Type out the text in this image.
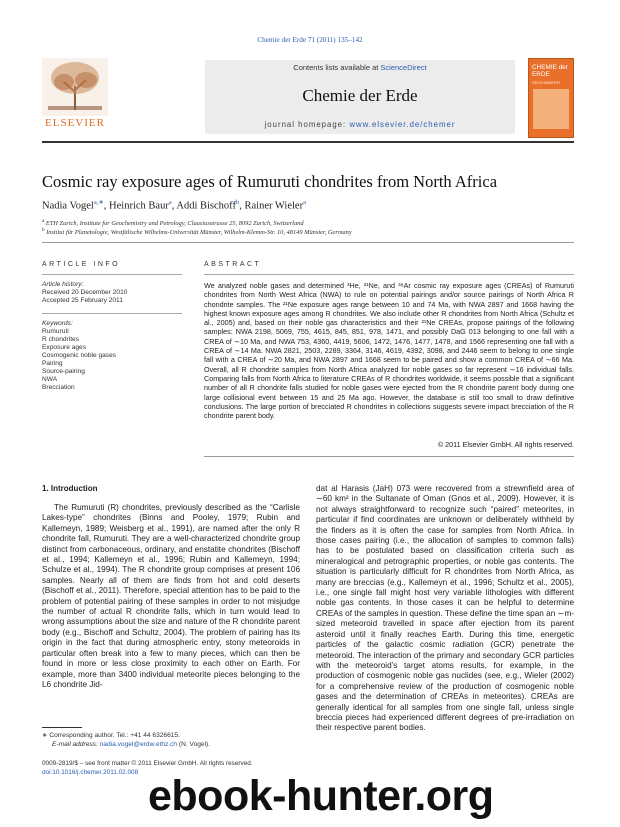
Chemie der Erde 71 (2011) 135–142
ELSEVIER
Contents lists available at ScienceDirect
Chemie der Erde
journal homepage: www.elsevier.de/chemer
CHEMIE der ERDE
GEOCHEMISTRY
Cosmic ray exposure ages of Rumuruti chondrites from North Africa
Nadia Vogel$^{a,∗}$, Heinrich Baur$^a$, Addi Bischoff$^b$, Rainer Wieler$^a$
$^a$ ETH Zurich, Institute for Geochemistry and Petrology, Clausiusstrasse 25, 8092 Zurich, Switzerland
$^b$ Institut für Planetologie, Westfälische Wilhelms-Universität Münster, Wilhelm-Klemm-Str. 10, 48149 Münster, Germany
ARTICLE INFO
Article history:
Received 20 December 2010
Accepted 25 February 2011
Keywords:
Rumuruti
R chondrites
Exposure ages
Cosmogenic noble gases
Pairing
Source-pairing
NWA
Brecciation
ABSTRACT
We analyzed noble gases and determined ³He, ²¹Ne, and ³⁸Ar cosmic ray exposure ages (CREAs) of Rumuruti chondrites from North West Africa (NWA) to rule on potential pairings and/or source pairings of North Africa R chondrite samples. The ²¹Ne exposure ages range between 10 and 74 Ma, with NWA 2897 and 1668 having the highest known exposure ages among R chondrites. We also include other R chondrites from North Africa (Schultz et al., 2005) and, based on their noble gas characteristics and their ²¹Ne CREAs, propose pairings of the following samples: NWA 2198, 5069, 755, 4615, 845, 851, 978, 1471, and possibly DaG 013 belonging to one fall with a CREA of ∼10 Ma, and NWA 753, 4360, 4419, 5606, 1472, 1476, 1477, 1478, and 1566 representing one fall with a CREA of ∼14 Ma. NWA 2821, 2503, 2289, 3364, 3146, 4619, 4392, 3098, and 2446 seem to belong to one single fall with a CREA of ∼20 Ma, and NWA 2897 and 1668 seem to be paired and show a common CREA of ∼66 Ma. Overall, all R chondrite samples from North Africa analyzed for noble gases so far represent ∼16 individual falls. Comparing falls from North Africa to literature CREAs of R chondrites worldwide, it seems possible that a significant number of all R chondrite falls studied for noble gases were ejected from the R chondrite parent body during one large collisional event between 15 and 25 Ma ago. However, the database is still too small to draw definitive conclusions. The large portion of brecciated R chondrites in collections suggests severe impact brecciation of the R chondrite parent body.
© 2011 Elsevier GmbH. All rights reserved.
1. Introduction
The Rumuruti (R) chondrites, previously described as the “Carlisle Lakes-type” chondrites (Binns and Pooley, 1979; Rubin and Kallemeyn, 1989; Weisberg et al., 1991), are named after the only R chondrite fall, Rumuruti. They are a well-characterized chondrite group distinct from carbonaceous, ordinary, and enstatite chondrites (Bischoff et al., 1994; Kallemeyn et al., 1996; Rubin and Kallemeyn, 1994; Schulze et al., 1994). The R chondrite group comprises at present 106 samples. Nearly all of them are finds from hot and cold deserts (Bischoff et al., 2011). Therefore, special attention has to be paid to the problem of potential pairing of these samples in order to not misjudge the number of actual R chondrite falls, which in turn would lead to wrong assumptions about the size and nature of the R chondrite parent body (e.g., Bischoff and Schultz, 2004). The problem of pairing has its origin in the fact that during atmospheric entry, stony meteoroids in particular often break into a few to many pieces, which can then be found in more or less close proximity to each other on Earth. For example, more than 3400 individual meteorite pieces belonging to the L6 chondrite Jid-
dat al Harasis (JaH) 073 were recovered from a strewnfield area of ∼60 km² in the Sultanate of Oman (Gnos et al., 2009). However, it is not always straightforward to recognize such “paired” meteorites, in particular if find coordinates are unknown or deliberately withheld by the finders as it is often the case for samples from North Africa. In those cases pairing (i.e., the allocation of samples to common falls) has to be postulated based on classification criteria such as mineralogical and petrographic properties, or noble gas contents. The situation is particularly difficult for R chondrites from North Africa, as many are breccias (e.g., Kallemeyn et al., 1996; Schultz et al., 2005), i.e., one single fall might host very variable lithologies with different noble gas contents. In those cases it can be helpful to determine CREAs of the samples in question. These define the time span an ∼m-sized meteoroid travelled in space after ejection from its parent asteroid until it finally reaches Earth. During this time, energetic particles of the galactic cosmic radiation (GCR) penetrate the meteoroid. The interaction of the primary and secondary GCR particles with the meteoroid’s target atoms results, for example, in the production of cosmogenic noble gas nuclides (see, e.g., Wieler (2002) for a comprehensive review of the production of cosmogenic noble gases and the determination of CREAs in meteorites). CREAs are generally identical for all samples from one single fall, unless single breccia pieces had experienced different degrees of pre-irradiation on their respective parent bodies.
∗ Corresponding author. Tel.: +41 44 6326615.
E-mail address: nadia.vogel@erdw.ethz.ch (N. Vogel).
0009-2819/$ – see front matter © 2011 Elsevier GmbH. All rights reserved.
doi:10.1016/j.chemer.2011.02.008 ebook-hunter.org
